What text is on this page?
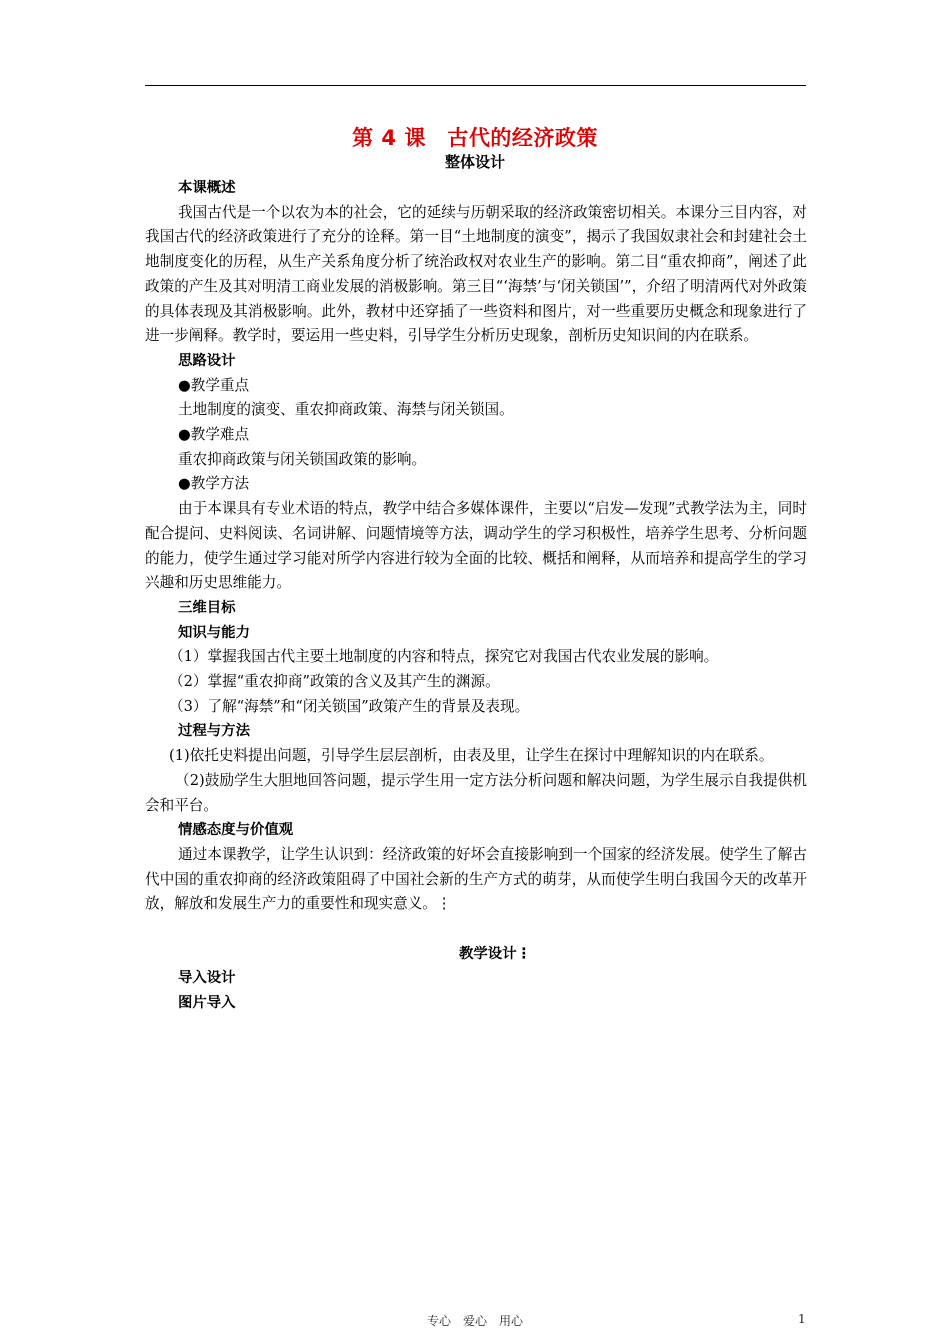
第 4 课　古代的经济政策
整体设计
本课概述
我国古代是一个以农为本的社会，它的延续与历朝采取的经济政策密切相关。本课分三目内容，对我国古代的经济政策进行了充分的诠释。第一目“土地制度的演变”，揭示了我国奴隶社会和封建社会土地制度变化的历程，从生产关系角度分析了统治政权对农业生产的影响。第二目“重农抑商”，阐述了此政策的产生及其对明清工商业发展的消极影响。第三目“‘海禁’与‘闭关锁国’”，介绍了明清两代对外政策的具体表现及其消极影响。此外，教材中还穿插了一些资料和图片，对一些重要历史概念和现象进行了进一步阐释。教学时，要运用一些史料，引导学生分析历史现象，剖析历史知识间的内在联系。
思路设计
●教学重点
土地制度的演变、重农抑商政策、海禁与闭关锁国。
●教学难点
重农抑商政策与闭关锁国政策的影响。
●教学方法
由于本课具有专业术语的特点，教学中结合多媒体课件，主要以“启发—发现”式教学法为主，同时配合提问、史料阅读、名词讲解、问题情境等方法，调动学生的学习积极性，培养学生思考、分析问题的能力，使学生通过学习能对所学内容进行较为全面的比较、概括和阐释，从而培养和提高学生的学习兴趣和历史思维能力。
三维目标
知识与能力
（1）掌握我国古代主要土地制度的内容和特点，探究它对我国古代农业发展的影响。
（2）掌握“重农抑商”政策的含义及其产生的渊源。
（3）了解“海禁”和“闭关锁国”政策产生的背景及表现。
过程与方法
(1)依托史料提出问题，引导学生层层剖析，由表及里，让学生在探讨中理解知识的内在联系。
（2)鼓励学生大胆地回答问题，提示学生用一定方法分析问题和解决问题，为学生展示自我提供机会和平台。
情感态度与价值观
通过本课教学，让学生认识到：经济政策的好坏会直接影响到一个国家的经济发展。使学生了解古代中国的重农抑商的经济政策阻碍了中国社会新的生产方式的萌芽，从而使学生明白我国今天的改革开放，解放和发展生产力的重要性和现实意义。⋮
教学设计⋮
导入设计
图片导入
专心　爱心　用心	1
